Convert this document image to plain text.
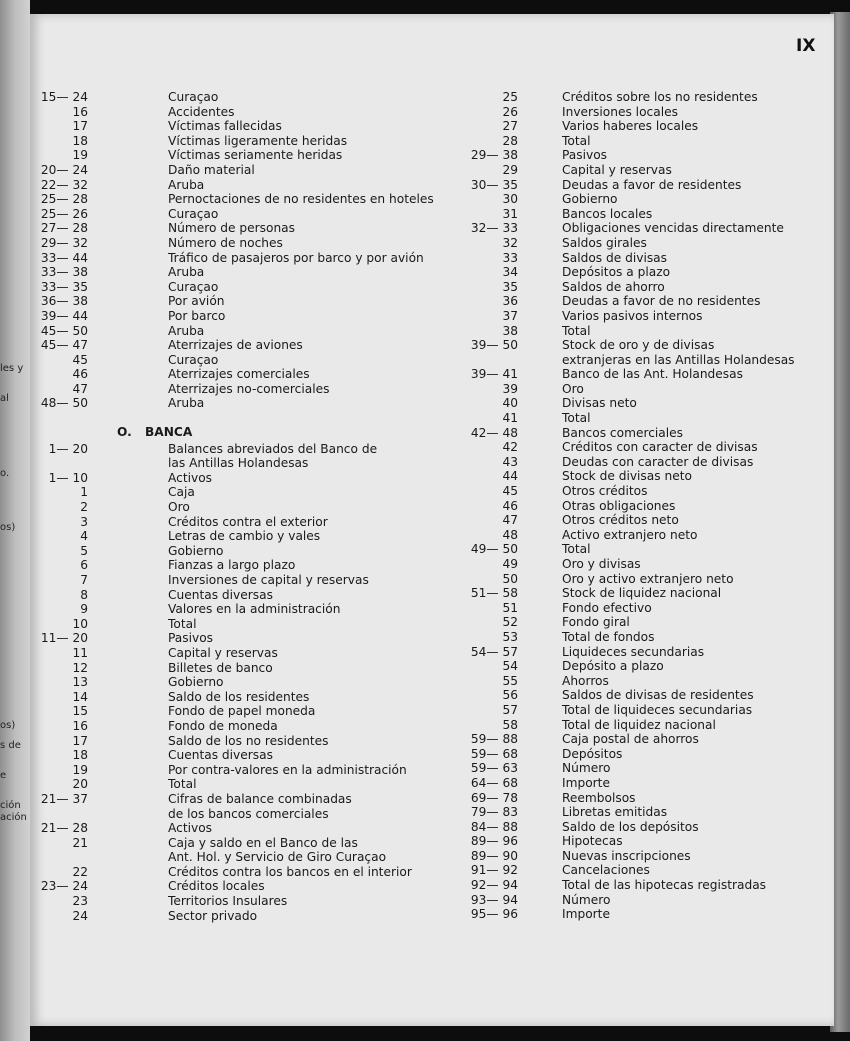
les y
al
o.
os)
os)
s de
e
ción
ación

IX
15— 24	Curaçao
16	Accidentes
17	Víctimas fallecidas
18	Víctimas ligeramente heridas
19	Víctimas seriamente heridas
20— 24	Daño material
22— 32	Aruba
25— 28	Pernoctaciones de no residentes en hoteles
25— 26	Curaçao
27— 28	Número de personas
29— 32	Número de noches
33— 44	Tráfico de pasajeros por barco y por avión
33— 38	Aruba
33— 35	Curaçao
36— 38	Por avión
39— 44	Por barco
45— 50	Aruba
45— 47	Aterrizajes de aviones
45	Curaçao
46	Aterrizajes comerciales
47	Aterrizajes no-comerciales
48— 50	Aruba
O.	BANCA
1— 20	Balances abreviados del Banco de
las Antillas Holandesas
1— 10	Activos
1	Caja
2	Oro
3	Créditos contra el exterior
4	Letras de cambio y vales
5	Gobierno
6	Fianzas a largo plazo
7	Inversiones de capital y reservas
8	Cuentas diversas
9	Valores en la administración
10	Total
11— 20	Pasivos
11	Capital y reservas
12	Billetes de banco
13	Gobierno
14	Saldo de los residentes
15	Fondo de papel moneda
16	Fondo de moneda
17	Saldo de los no residentes
18	Cuentas diversas
19	Por contra-valores en la administración
20	Total
21— 37	Cifras de balance combinadas
de los bancos comerciales
21— 28	Activos
21	Caja y saldo en el Banco de las
Ant. Hol. y Servicio de Giro Curaçao
22	Créditos contra los bancos en el interior
23— 24	Créditos locales
23	Territorios Insulares
24	Sector privado
25	Créditos sobre los no residentes
26	Inversiones locales
27	Varios haberes locales
28	Total
29— 38	Pasivos
29	Capital y reservas
30— 35	Deudas a favor de residentes
30	Gobierno
31	Bancos locales
32— 33	Obligaciones vencidas directamente
32	Saldos girales
33	Saldos de divisas
34	Depósitos a plazo
35	Saldos de ahorro
36	Deudas a favor de no residentes
37	Varios pasivos internos
38	Total
39— 50	Stock de oro y de divisas
extranjeras en las Antillas Holandesas
39— 41	Banco de las Ant. Holandesas
39	Oro
40	Divisas neto
41	Total
42— 48	Bancos comerciales
42	Créditos con caracter de divisas
43	Deudas con caracter de divisas
44	Stock de divisas neto
45	Otros créditos
46	Otras obligaciones
47	Otros créditos neto
48	Activo extranjero neto
49— 50	Total
49	Oro y divisas
50	Oro y activo extranjero neto
51— 58	Stock de liquidez nacional
51	Fondo efectivo
52	Fondo giral
53	Total de fondos
54— 57	Liquideces secundarias
54	Depósito a plazo
55	Ahorros
56	Saldos de divisas de residentes
57	Total de liquideces secundarias
58	Total de liquidez nacional
59— 88	Caja postal de ahorros
59— 68	Depósitos
59— 63	Número
64— 68	Importe
69— 78	Reembolsos
79— 83	Libretas emitidas
84— 88	Saldo de los depósitos
89— 96	Hipotecas
89— 90	Nuevas inscripciones
91— 92	Cancelaciones
92— 94	Total de las hipotecas registradas
93— 94	Número
95— 96	Importe
